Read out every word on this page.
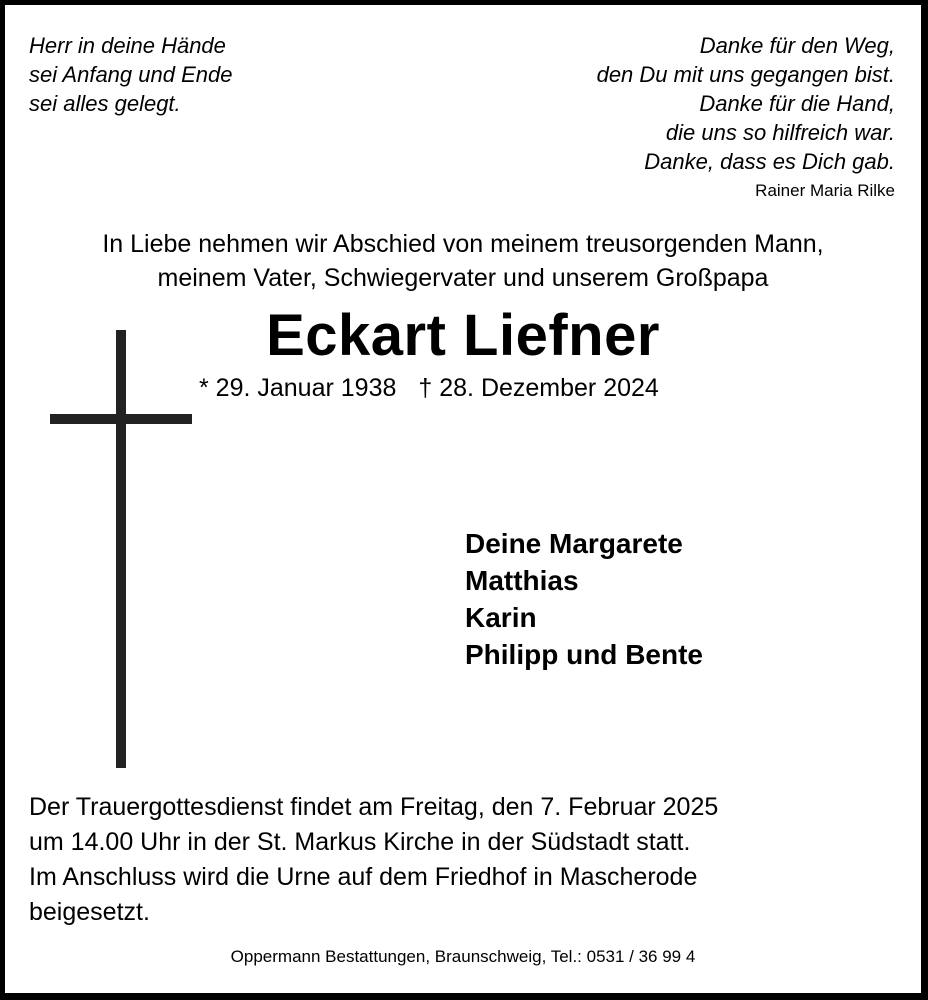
Herr in deine Hände
sei Anfang und Ende
sei alles gelegt.
Danke für den Weg,
den Du mit uns gegangen bist.
Danke für die Hand,
die uns so hilfreich war.
Danke, dass es Dich gab.
Rainer Maria Rilke
In Liebe nehmen wir Abschied von meinem treusorgenden Mann,
meinem Vater, Schwiegervater und unserem Großpapa
Eckart Liefner
* 29. Januar 1938 † 28. Dezember 2024
Deine Margarete
Matthias
Karin
Philipp und Bente
Der Trauergottesdienst findet am Freitag, den 7. Februar 2025
um 14.00 Uhr in der St. Markus Kirche in der Südstadt statt.
Im Anschluss wird die Urne auf dem Friedhof in Mascherode
beigesetzt.
Oppermann Bestattungen, Braunschweig, Tel.: 0531 / 36 99 4
